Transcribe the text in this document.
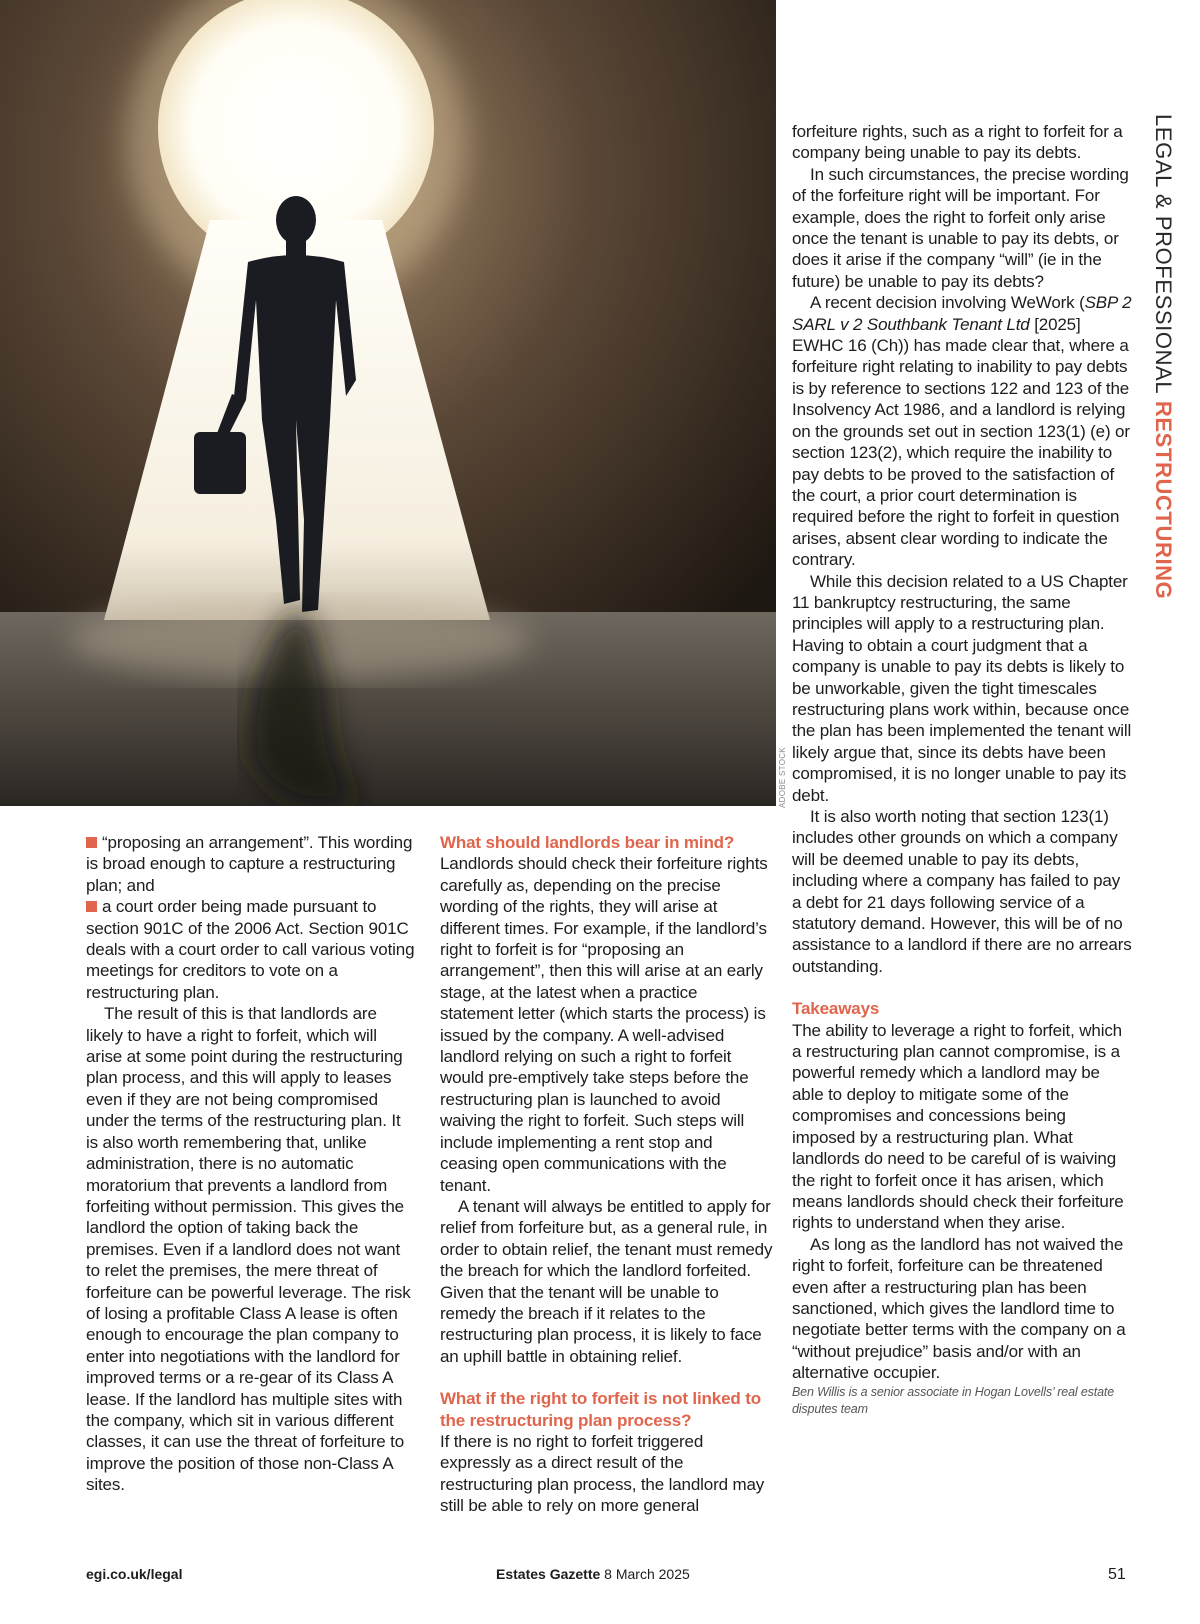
ADOBE STOCK
LEGAL & PROFESSIONAL RESTRUCTURING

“proposing an arrangement”. This wording is broad enough to capture a restructuring plan; and

a court order being made pursuant to section 901C of the 2006 Act. Section 901C deals with a court order to call various voting meetings for creditors to vote on a restructuring plan.

The result of this is that landlords are likely to have a right to forfeit, which will arise at some point during the restructuring plan process, and this will apply to leases even if they are not being compromised under the terms of the restructuring plan. It is also worth remembering that, unlike administration, there is no automatic moratorium that prevents a landlord from forfeiting without permission. This gives the landlord the option of taking back the premises. Even if a landlord does not want to relet the premises, the mere threat of forfeiture can be powerful leverage. The risk of losing a profitable Class A lease is often enough to encourage the plan company to enter into negotiations with the landlord for improved terms or a re-gear of its Class A lease. If the landlord has multiple sites with the company, which sit in various different classes, it can use the threat of forfeiture to improve the position of those non-Class A sites.

What should landlords bear in mind?

Landlords should check their forfeiture rights carefully as, depending on the precise wording of the rights, they will arise at different times. For example, if the landlord’s right to forfeit is for “proposing an arrangement”, then this will arise at an early stage, at the latest when a practice statement letter (which starts the process) is issued by the company. A well-advised landlord relying on such a right to forfeit would pre-emptively take steps before the restructuring plan is launched to avoid waiving the right to forfeit. Such steps will include implementing a rent stop and ceasing open communications with the tenant.

A tenant will always be entitled to apply for relief from forfeiture but, as a general rule, in order to obtain relief, the tenant must remedy the breach for which the landlord forfeited. Given that the tenant will be unable to remedy the breach if it relates to the restructuring plan process, it is likely to face an uphill battle in obtaining relief.

What if the right to forfeit is not linked to the restructuring plan process?

If there is no right to forfeit triggered expressly as a direct result of the restructuring plan process, the landlord may still be able to rely on more general

forfeiture rights, such as a right to forfeit for a company being unable to pay its debts.

In such circumstances, the precise wording of the forfeiture right will be important. For example, does the right to forfeit only arise once the tenant is unable to pay its debts, or does it arise if the company “will” (ie in the future) be unable to pay its debts?

A recent decision involving WeWork (SBP 2 SARL v 2 Southbank Tenant Ltd [2025] EWHC 16 (Ch)) has made clear that, where a forfeiture right relating to inability to pay debts is by reference to sections 122 and 123 of the Insolvency Act 1986, and a landlord is relying on the grounds set out in section 123(1) (e) or section 123(2), which require the inability to pay debts to be proved to the satisfaction of the court, a prior court determination is required before the right to forfeit in question arises, absent clear wording to indicate the contrary.

While this decision related to a US Chapter 11 bankruptcy restructuring, the same principles will apply to a restructuring plan. Having to obtain a court judgment that a company is unable to pay its debts is likely to be unworkable, given the tight timescales restructuring plans work within, because once the plan has been implemented the tenant will likely argue that, since its debts have been compromised, it is no longer unable to pay its debt.

It is also worth noting that section 123(1) includes other grounds on which a company will be deemed unable to pay its debts, including where a company has failed to pay a debt for 21 days following service of a statutory demand. However, this will be of no assistance to a landlord if there are no arrears outstanding.

Takeaways

The ability to leverage a right to forfeit, which a restructuring plan cannot compromise, is a powerful remedy which a landlord may be able to deploy to mitigate some of the compromises and concessions being imposed by a restructuring plan. What landlords do need to be careful of is waiving the right to forfeit once it has arisen, which means landlords should check their forfeiture rights to understand when they arise.

As long as the landlord has not waived the right to forfeit, forfeiture can be threatened even after a restructuring plan has been sanctioned, which gives the landlord time to negotiate better terms with the company on a “without prejudice” basis and/or with an alternative occupier.

Ben Willis is a senior associate in Hogan Lovells’ real estate disputes team

egi.co.uk/legal	Estates Gazette 8 March 2025	51
